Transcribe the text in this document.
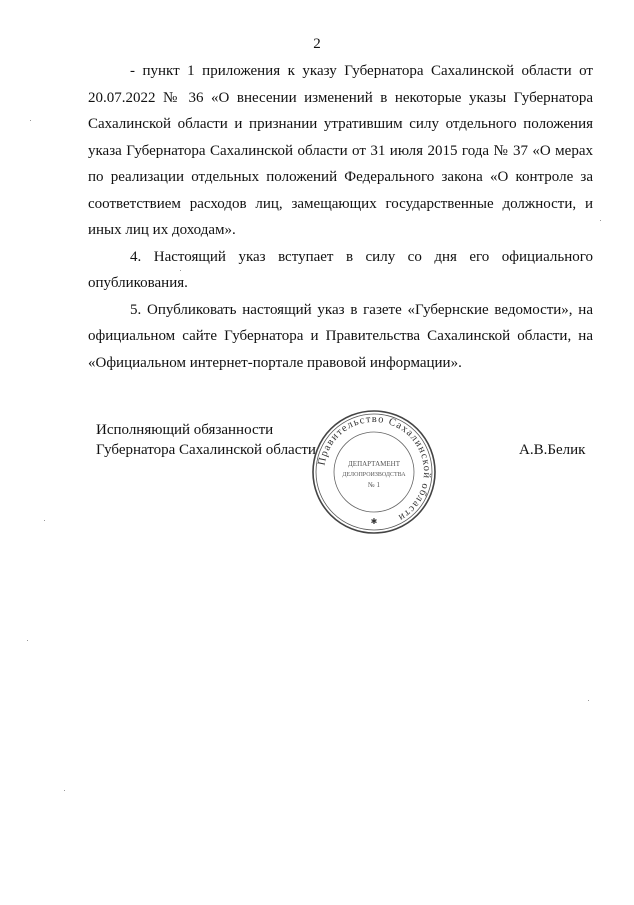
2

- пункт 1 приложения к указу Губернатора Сахалинской области от 20.07.2022 № 36 «О внесении изменений в некоторые указы Губернатора Сахалинской области и признании утратившим силу отдельного положения указа Губернатора Сахалинской области от 31 июля 2015 года № 37 «О мерах по реализации отдельных положений Федерального закона «О контроле за соответствием расходов лиц, замещающих государственные должности, и иных лиц их доходам».

4. Настоящий указ вступает в силу со дня его официального опубликования.

5. Опубликовать настоящий указ в газете «Губернские ведомости», на официальном сайте Губернатора и Правительства Сахалинской области, на «Официальном интернет-портале правовой информации».

Исполняющий обязанности
Губернатора Сахалинской области	А.В.Белик
Правительство Сахалинской области
ДЕПАРТАМЕНТ
ДЕЛОПРОИЗВОДСТВА
№ 1
✱
